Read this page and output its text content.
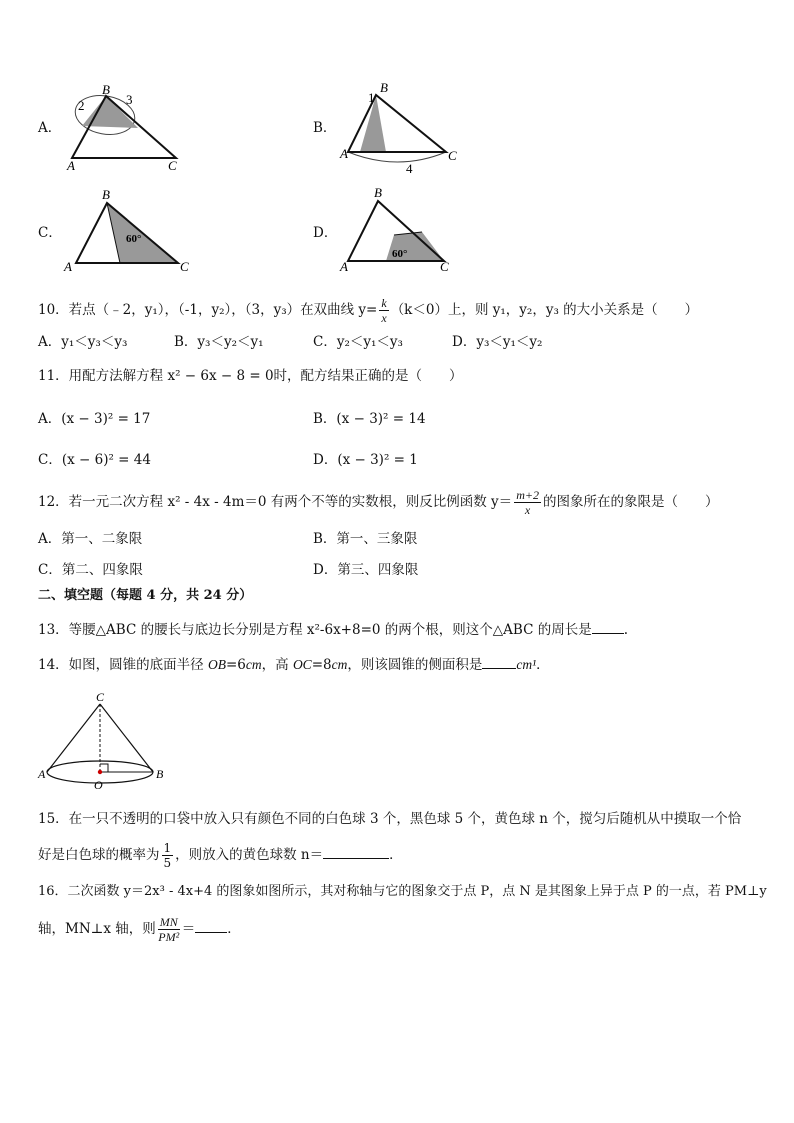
A．
A
B
C
2	3
B．
A
B
C
1
4
C．
A
B
C
60°	D．
A
B
C
60°
10．若点（﹣2，y₁），（-1，y₂），（3，y₃）在双曲线 $y= \frac{k}{x} (k<0)$上，则 y₁，y₂，y₃ 的大小关系是（　　）
A．y₁＜y₃＜y₃	B．y₃＜y₂＜y₁	C．y₂＜y₁＜y₃	D．y₃＜y₁＜y₂
11．用配方法解方程 x² − 6x − 8 = 0时，配方结果正确的是（　　）
A．(x − 3)² = 17	B．(x − 3)² = 14
C．(x − 6)² = 44	D．(x − 3)² = 1
12．若一元二次方程 x² - 4x - 4m＝0 有两个不等的实数根，则反比例函数 $y= \frac{m+2}{x}$ 的图象所在的象限是（　　）
A．第一、二象限	B．第一、三象限
C．第二、四象限	D．第三、四象限
二、填空题（每题 4 分，共 24 分）
13．等腰△ABC 的腰长与底边长分别是方程 x²-6x+8=0 的两个根，则这个△ABC 的周长是 .
14．如图，圆锥的底面半径 OB=6cm，高 OC=8cm，则该圆锥的侧面积是	cm¹．
C
A	B
O
15．在一只不透明的口袋中放入只有颜色不同的白色球 3 个，黑色球 5 个，黄色球 n 个，搅匀后随机从中摸取一个恰
好是白色球的概率为 $\frac{1}{5}$ ，则放入的黄色球数 n＝	．
16．二次函数 y＝2x³ - 4x+4 的图象如图所示，其对称轴与它的图象交于点 P，点 N 是其图象上异于点 P 的一点，若 PM⊥y
轴，MN⊥x 轴，则 $\frac{MN}{\text{PM²}}$ ＝ ．
